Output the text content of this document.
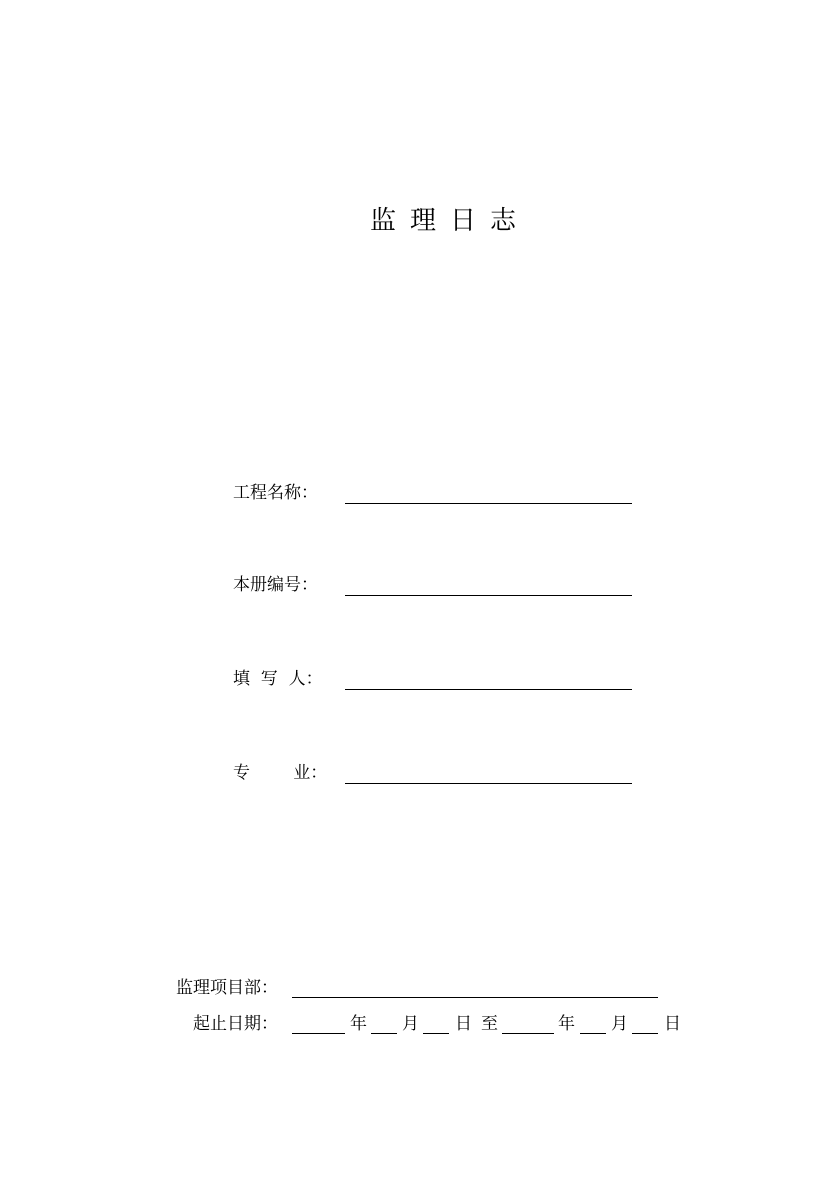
监理日志
工程名称：
本册编号：
填  写  人：
专        业：
监理项目部：
起止日期：	年 月 日 至	年 月 日
